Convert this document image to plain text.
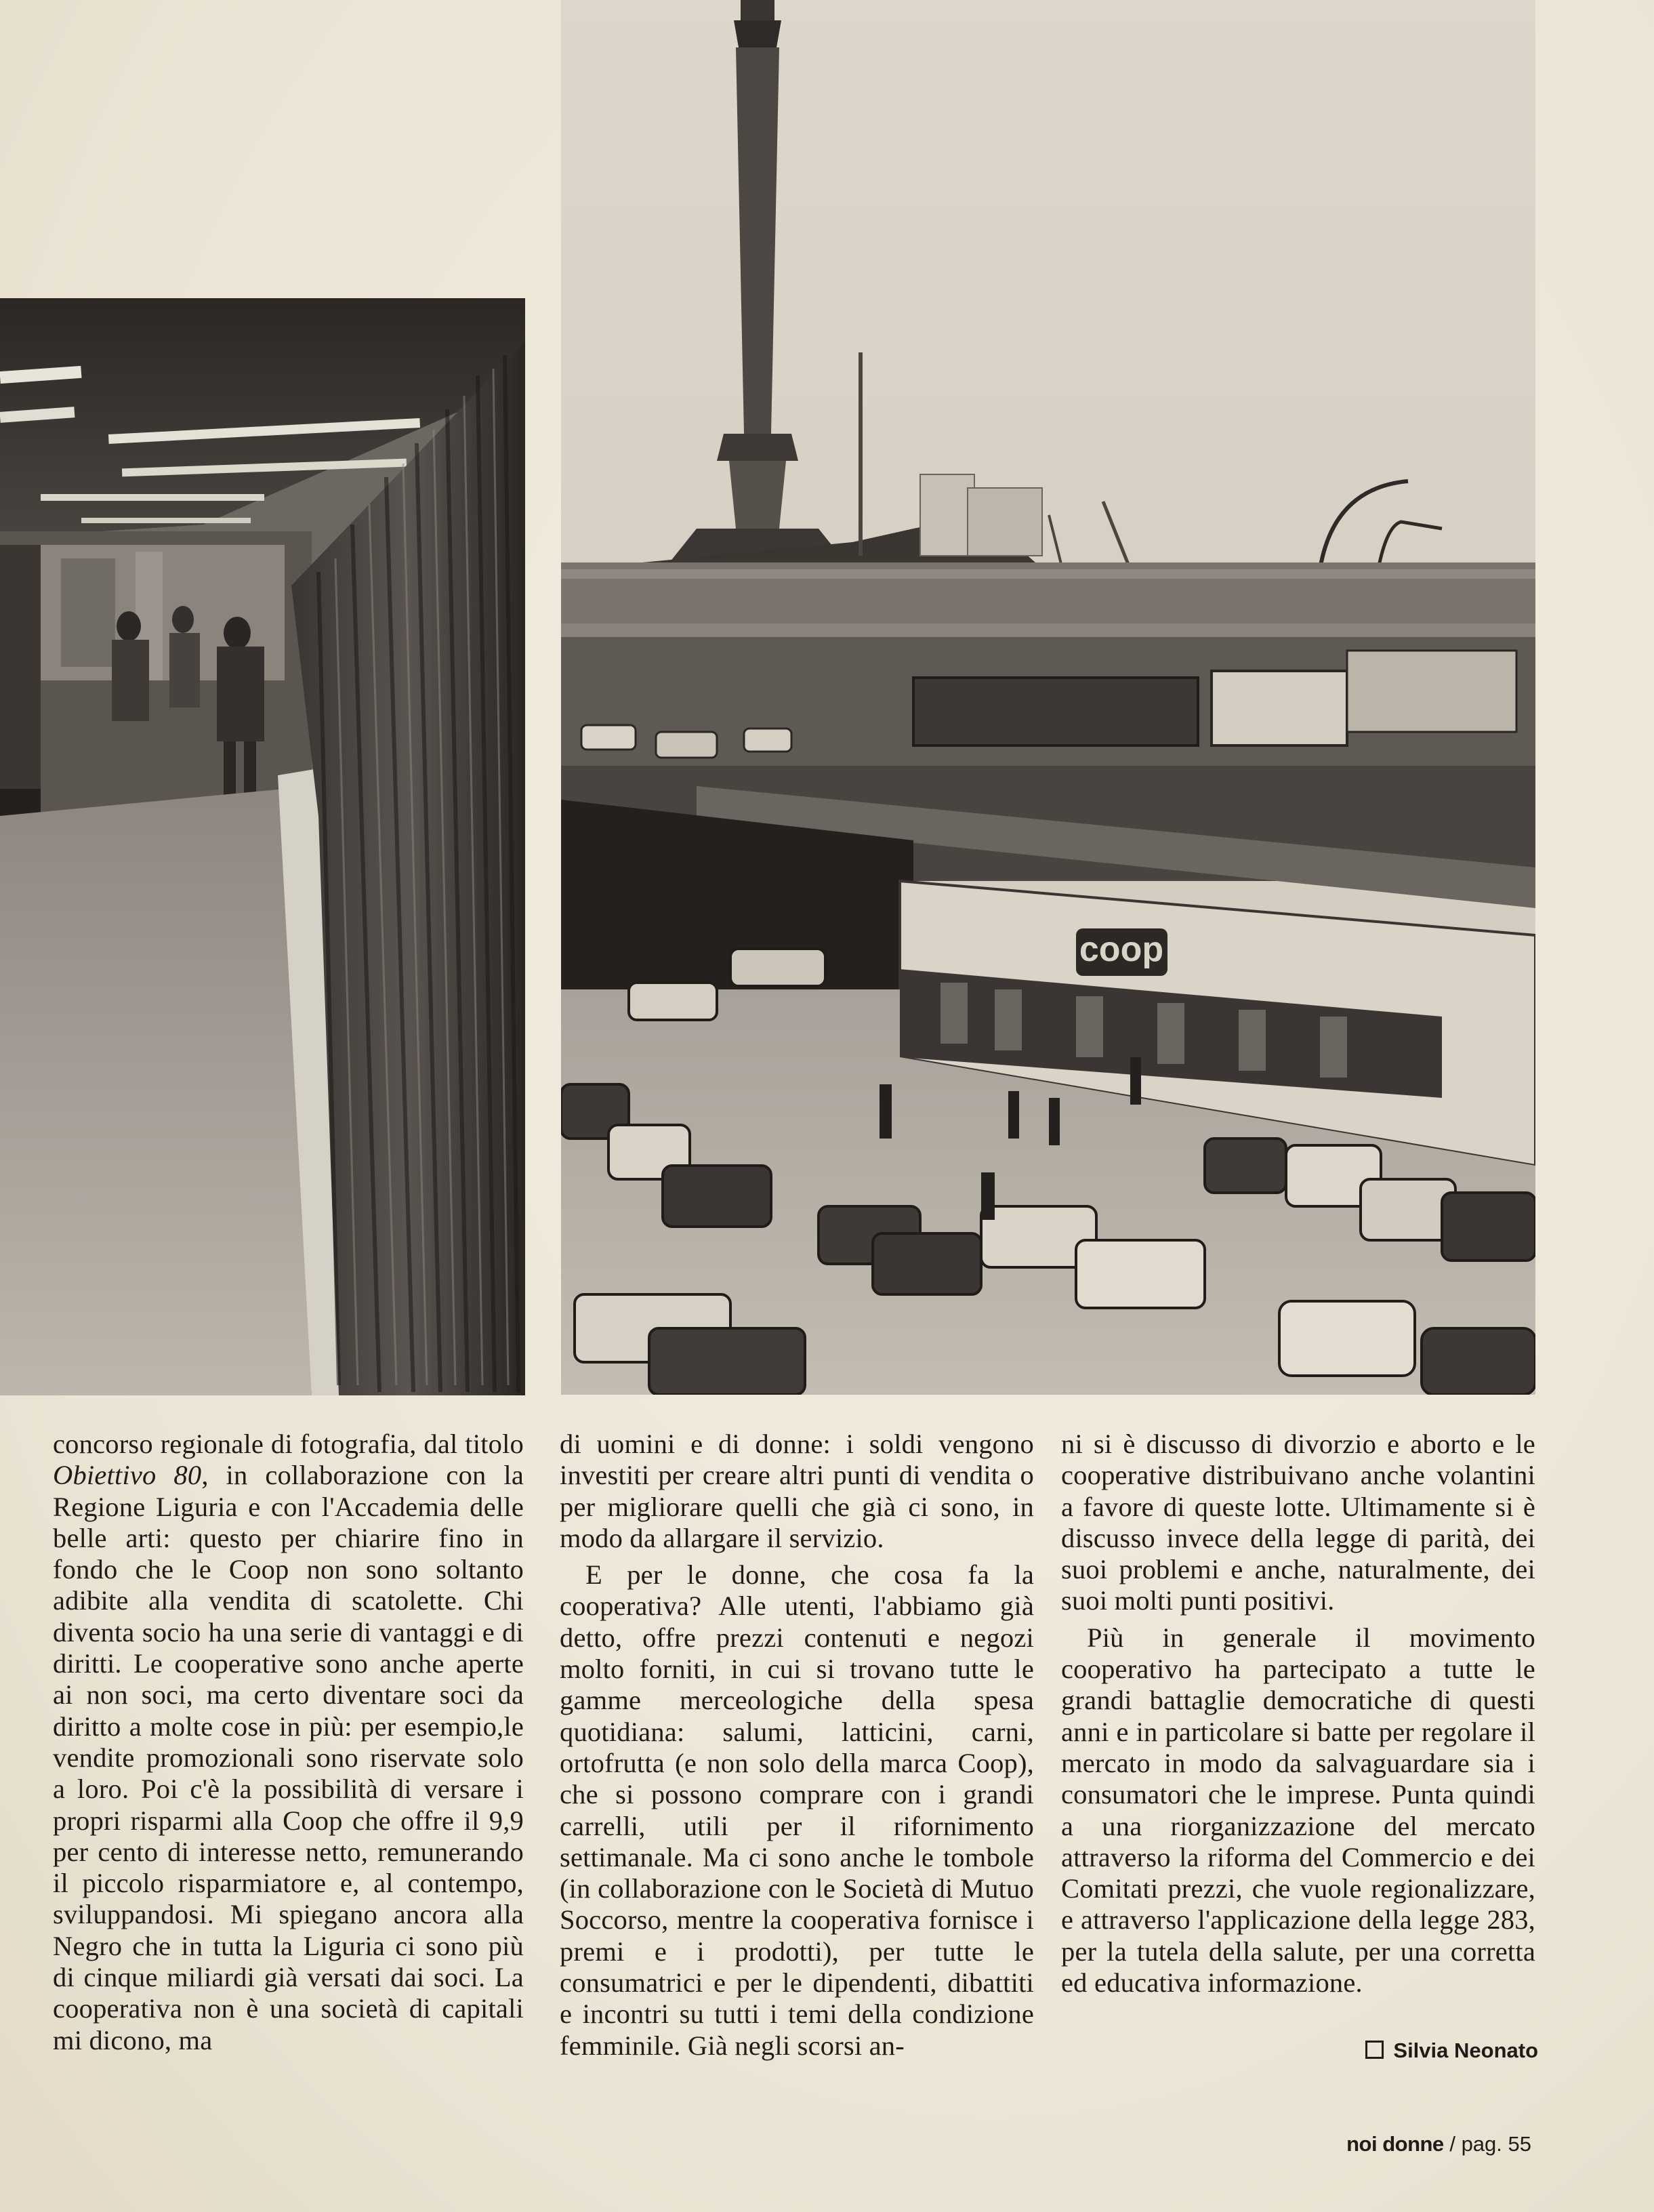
coop

concorso regionale di fotografia, dal titolo Obiettivo 80, in collaborazione con la Regione Liguria e con l'Accademia delle belle arti: questo per chiarire fino in fondo che le Coop non sono soltanto adibite alla vendita di scatolette. Chi diventa socio ha una serie di vantaggi e di diritti. Le cooperative sono anche aperte ai non soci, ma certo diventare soci da diritto a molte cose in più: per esempio,le vendite promozionali sono riservate solo a loro. Poi c'è la possibilità di versare i propri risparmi alla Coop che offre il 9,9 per cento di interesse netto, remunerando il piccolo risparmiatore e, al contempo, sviluppandosi. Mi spiegano ancora alla Negro che in tutta la Liguria ci sono più di cinque miliardi già versati dai soci. La cooperativa non è una società di capitali mi dicono, ma

di uomini e di donne: i soldi vengono investiti per creare altri punti di vendita o per migliorare quelli che già ci sono, in modo da allargare il servizio.

E per le donne, che cosa fa la cooperativa? Alle utenti, l'abbiamo già detto, offre prezzi contenuti e negozi molto forniti, in cui si trovano tutte le gamme merceologiche della spesa quotidiana: salumi, latticini, carni, ortofrutta (e non solo della marca Coop), che si possono comprare con i grandi carrelli, utili per il rifornimento settimanale. Ma ci sono anche le tombole (in collaborazione con le Società di Mutuo Soccorso, mentre la cooperativa fornisce i premi e i prodotti), per tutte le consumatrici e per le dipendenti, dibattiti e incontri su tutti i temi della condizione femminile. Già negli scorsi an-

ni si è discusso di divorzio e aborto e le cooperative distribuivano anche volantini a favore di queste lotte. Ultimamente si è discusso invece della legge di parità, dei suoi problemi e anche, naturalmente, dei suoi molti punti positivi.

Più in generale il movimento cooperativo ha partecipato a tutte le grandi battaglie democratiche di questi anni e in particolare si batte per regolare il mercato in modo da salvaguardare sia i consumatori che le imprese. Punta quindi a una riorganizzazione del mercato attraverso la riforma del Commercio e dei Comitati prezzi, che vuole regionalizzare, e attraverso l'applicazione della legge 283, per la tutela della salute, per una corretta ed educativa informazione.

Silvia Neonato
noi donne / pag. 55
